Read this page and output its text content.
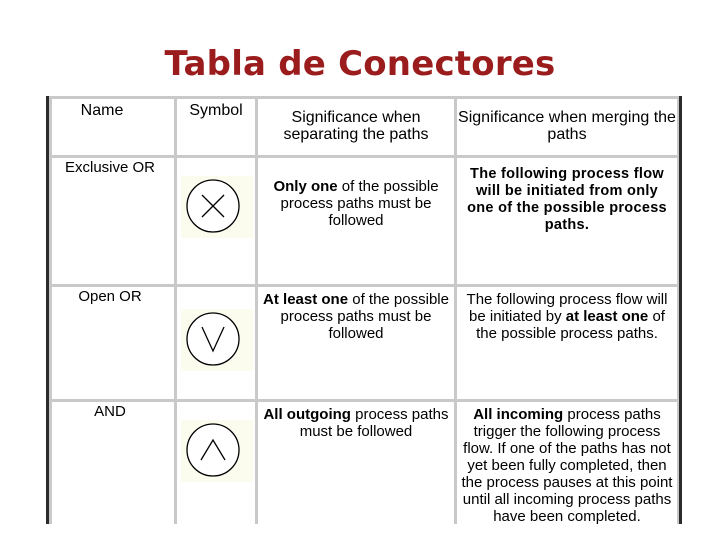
Tabla de Conectores
Name	Symbol	Significance when separating the paths	Significance when merging the paths
Exclusive OR		Only one of the possible process paths must be followed	The following process flow will be initiated from only one of the possible process paths.
Open OR		At least one of the possible process paths must be followed	The following process flow will be initiated by at least one of the possible process paths.
AND		All outgoing process paths must be followed	All incoming process paths trigger the following process flow. If one of the paths has not yet been fully completed, then the process pauses at this point until all incoming process paths have been completed.
